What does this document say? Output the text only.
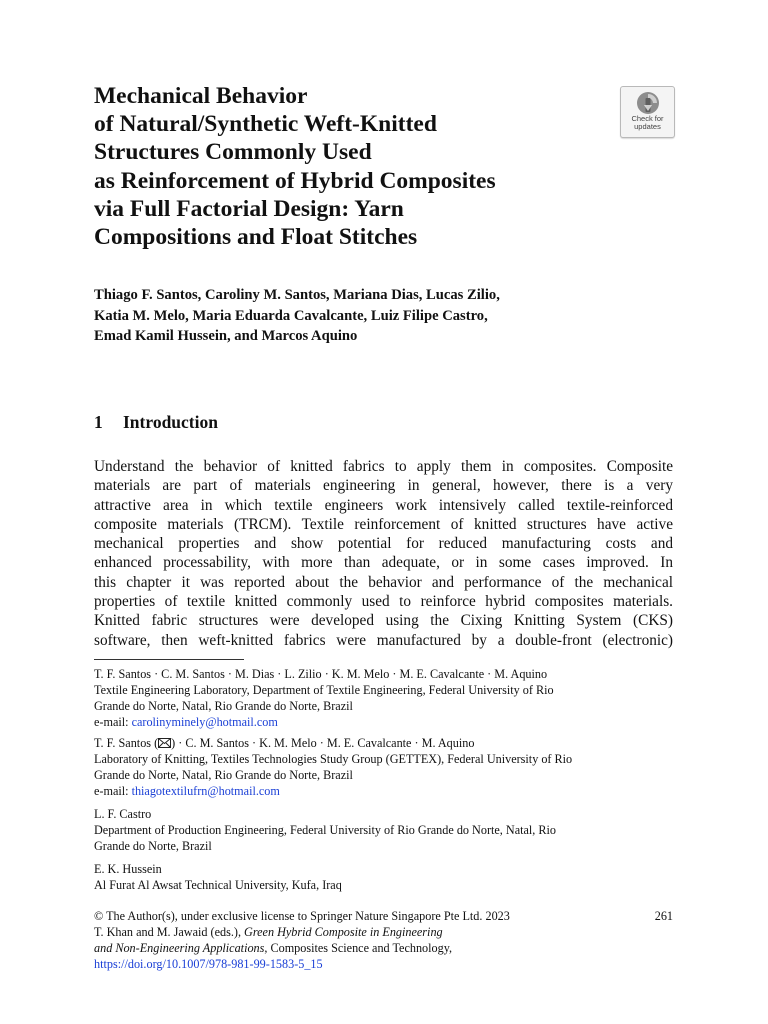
Mechanical Behavior
of Natural/Synthetic Weft-Knitted
Structures Commonly Used
as Reinforcement of Hybrid Composites
via Full Factorial Design: Yarn
Compositions and Float Stitches
Check for
updates
Thiago F. Santos, Caroliny M. Santos, Mariana Dias, Lucas Zilio,
Katia M. Melo, Maria Eduarda Cavalcante, Luiz Filipe Castro,
Emad Kamil Hussein, and Marcos Aquino
1 Introduction
Understand the behavior of knitted fabrics to apply them in composites. Composite
materials are part of materials engineering in general, however, there is a very
attractive area in which textile engineers work intensively called textile-reinforced
composite materials (TRCM). Textile reinforcement of knitted structures have active
mechanical properties and show potential for reduced manufacturing costs and
enhanced processability, with more than adequate, or in some cases improved. In
this chapter it was reported about the behavior and performance of the mechanical
properties of textile knitted commonly used to reinforce hybrid composites materials.
Knitted fabric structures were developed using the Cixing Knitting System (CKS)
software, then weft-knitted fabrics were manufactured by a double-front (electronic)
T. F. Santos · C. M. Santos · M. Dias · L. Zilio · K. M. Melo · M. E. Cavalcante · M. Aquino
Textile Engineering Laboratory, Department of Textile Engineering, Federal University of Rio
Grande do Norte, Natal, Rio Grande do Norte, Brazil
e-mail: carolinyminely@hotmail.com
T. F. Santos ( ) · C. M. Santos · K. M. Melo · M. E. Cavalcante · M. Aquino
Laboratory of Knitting, Textiles Technologies Study Group (GETTEX), Federal University of Rio
Grande do Norte, Natal, Rio Grande do Norte, Brazil
e-mail: thiagotextilufrn@hotmail.com
L. F. Castro
Department of Production Engineering, Federal University of Rio Grande do Norte, Natal, Rio
Grande do Norte, Brazil
E. K. Hussein
Al Furat Al Awsat Technical University, Kufa, Iraq
© The Author(s), under exclusive license to Springer Nature Singapore Pte Ltd. 2023	261
T. Khan and M. Jawaid (eds.), Green Hybrid Composite in Engineering
and Non-Engineering Applications, Composites Science and Technology,
https://doi.org/10.1007/978-981-99-1583-5_15
